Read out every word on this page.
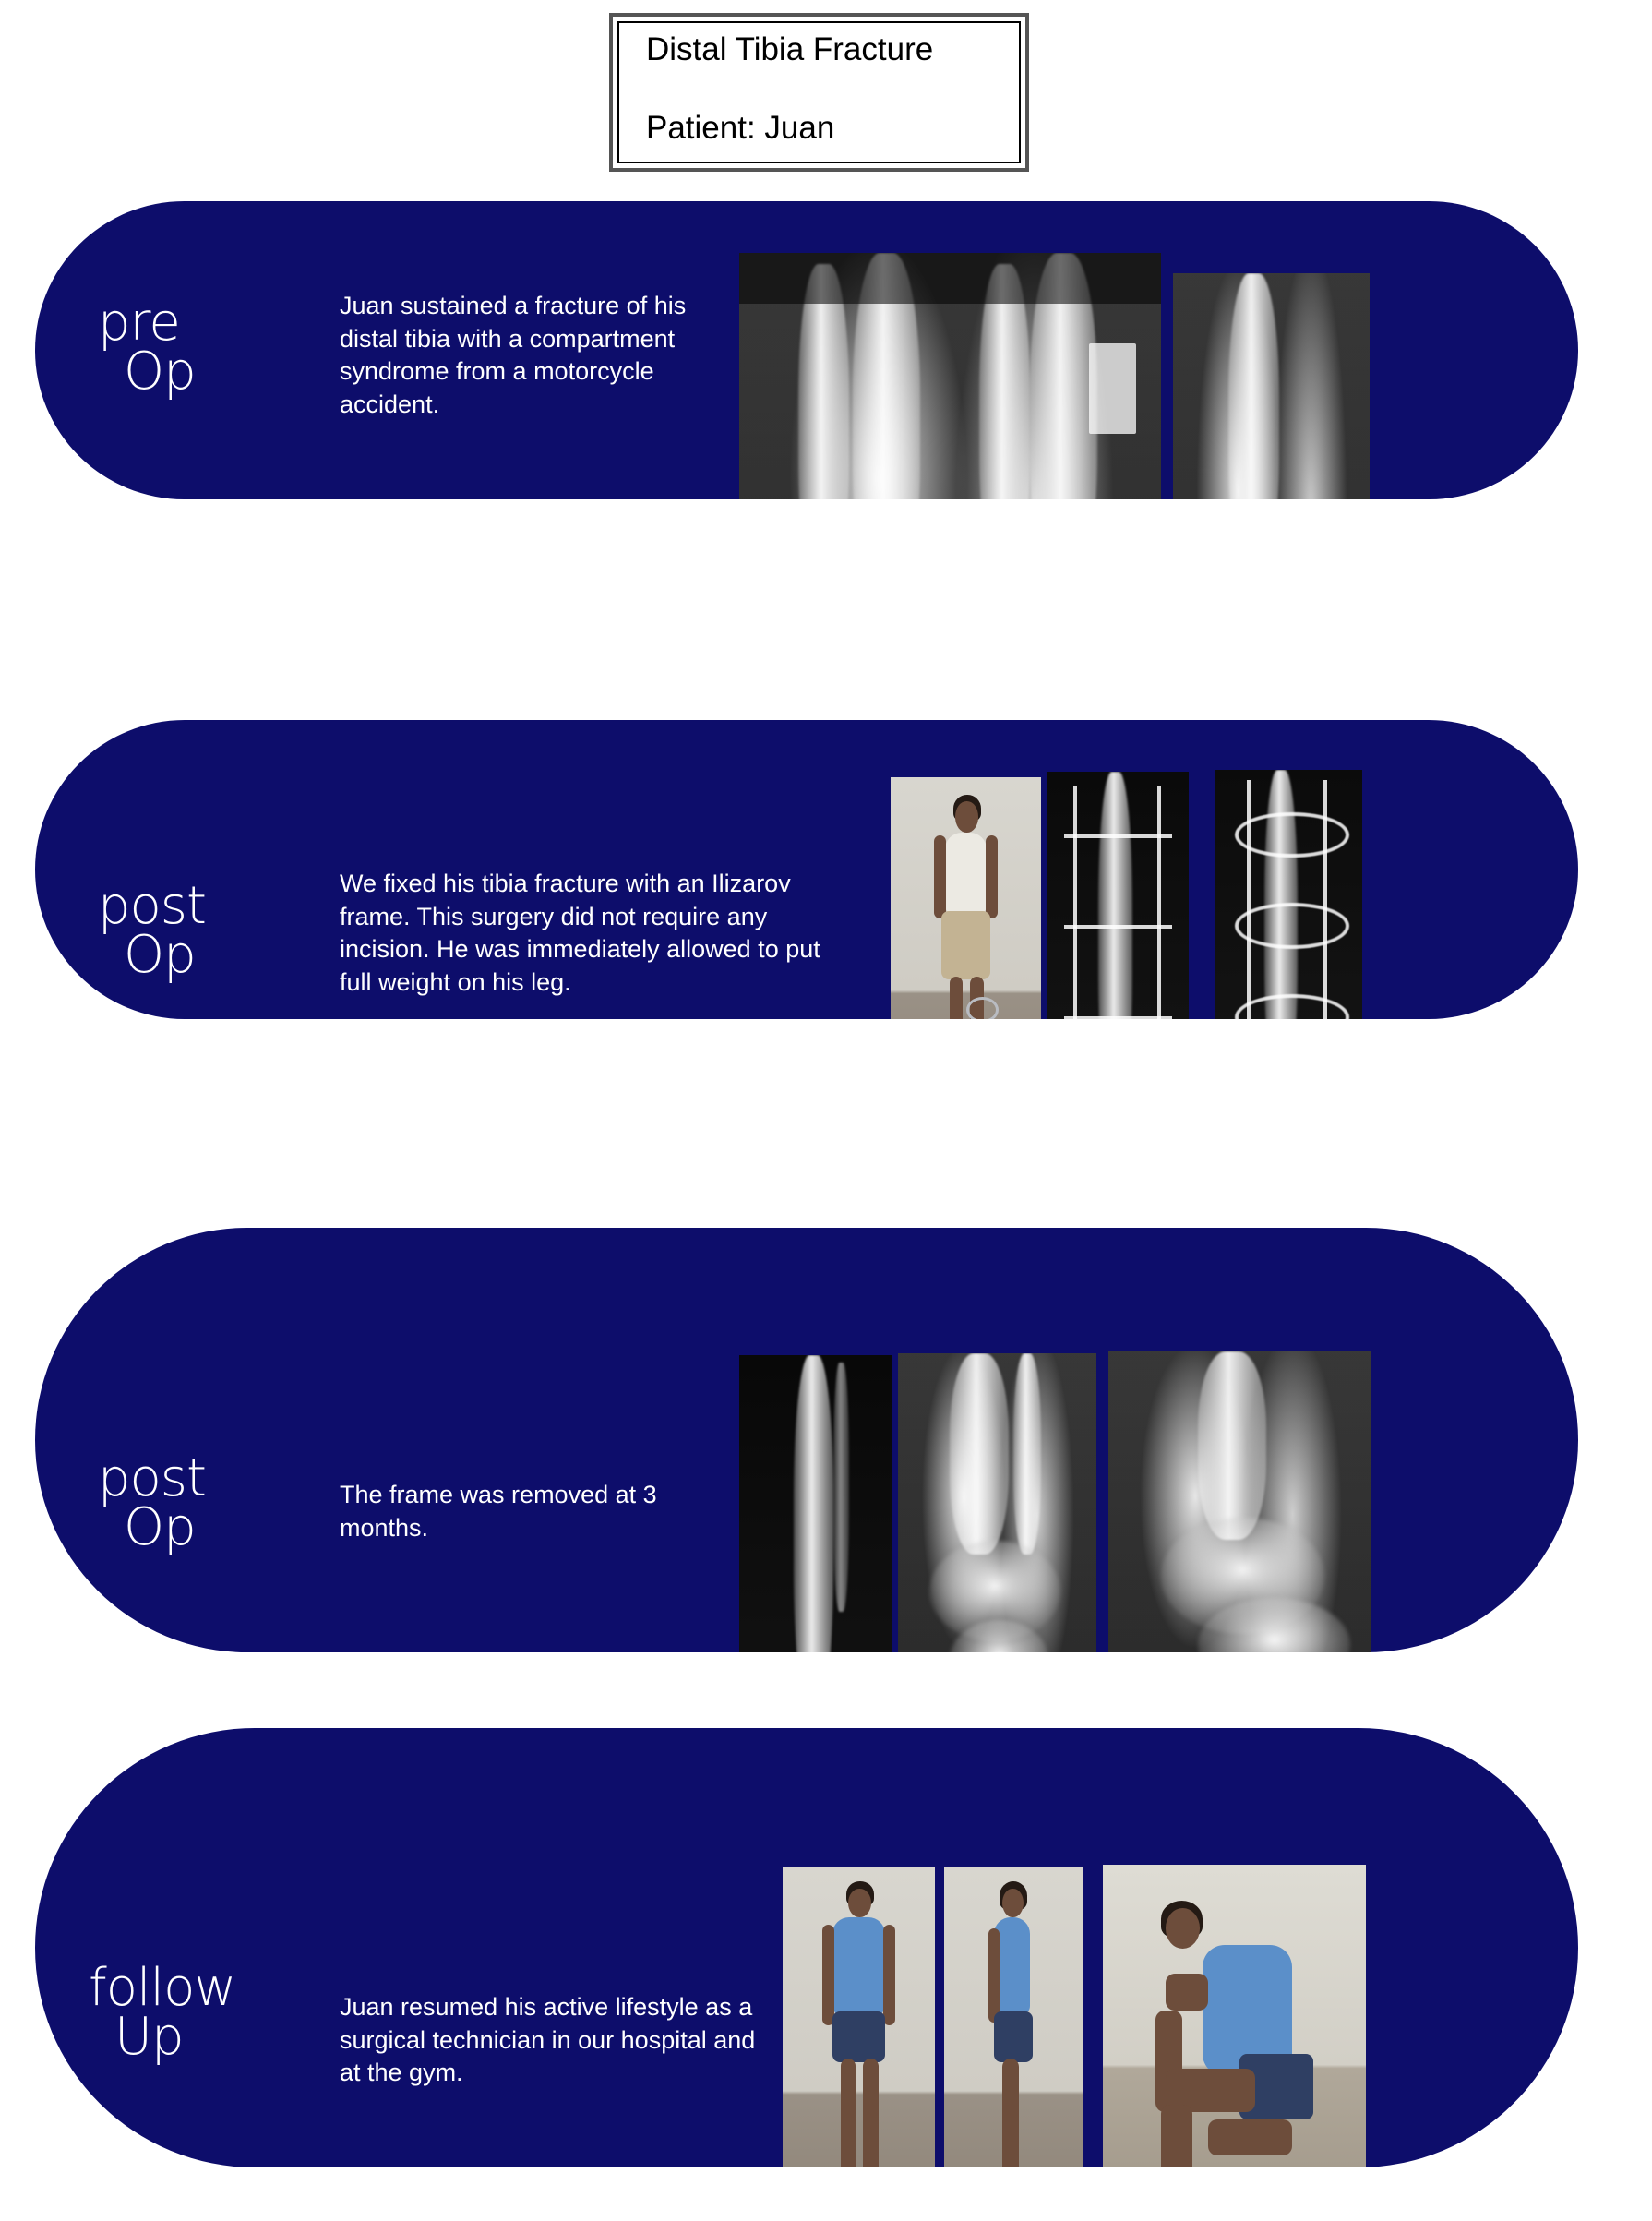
Distal Tibia Fracture
Patient: Juan
pre
Op
Juan sustained a fracture of his distal tibia with a compartment syndrome from a motorcycle accident.
post
Op
We fixed his tibia fracture with an Ilizarov frame. This surgery did not require any incision. He was immediately allowed to put full weight on his leg.
post
Op
The frame was removed at 3 months.
follow
Up
Juan resumed his active lifestyle as a surgical technician in our hospital and at the gym.
